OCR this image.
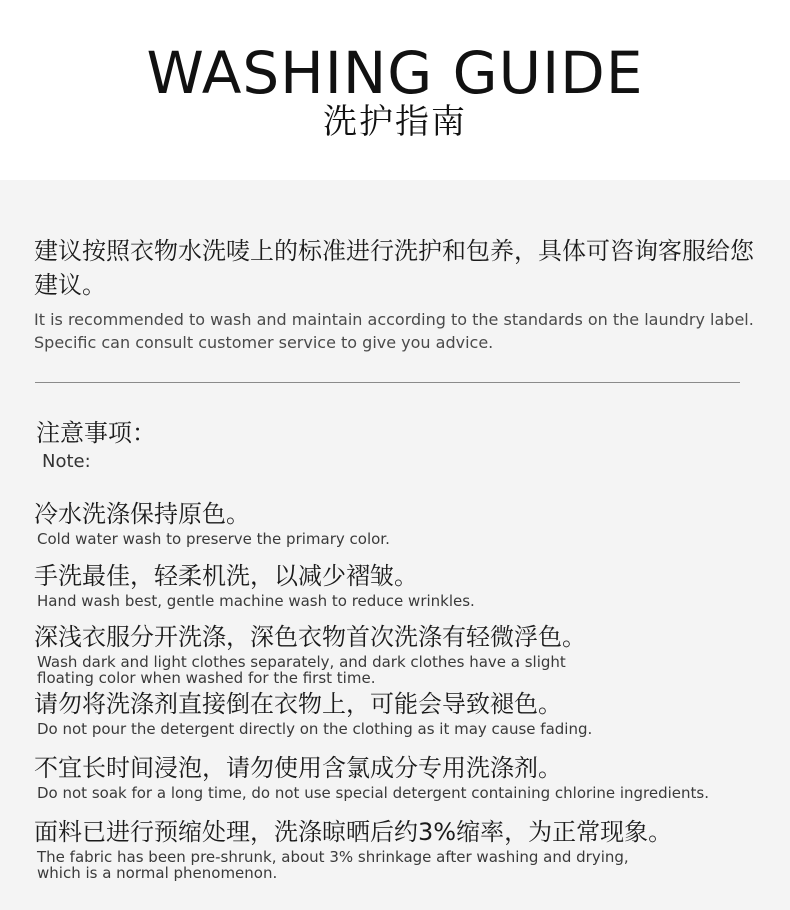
WASHING GUIDE
洗护指南
建议按照衣物水洗唛上的标准进行洗护和包养，具体可咨询客服给您建议。
It is recommended to wash and maintain according to the standards on the laundry label. Specific can consult customer service to give you advice.
注意事项：
Note:
冷水洗涤保持原色。
Cold water wash to preserve the primary color.
手洗最佳，轻柔机洗，以减少褶皱。
Hand wash best, gentle machine wash to reduce wrinkles.
深浅衣服分开洗涤，深色衣物首次洗涤有轻微浮色。
Wash dark and light clothes separately, and dark clothes have a slight floating color when washed for the first time.
请勿将洗涤剂直接倒在衣物上，可能会导致褪色。
Do not pour the detergent directly on the clothing as it may cause fading.
不宜长时间浸泡，请勿使用含氯成分专用洗涤剂。
Do not soak for a long time, do not use special detergent containing chlorine ingredients.
面料已进行预缩处理，洗涤晾晒后约3%缩率，为正常现象。
The fabric has been pre-shrunk, about 3% shrinkage after washing and drying, which is a normal phenomenon.
